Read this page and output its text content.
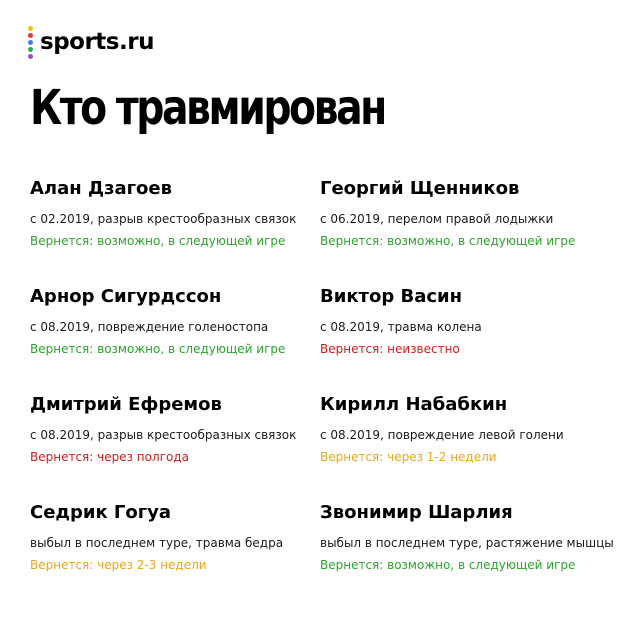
sports.ru
Кто травмирован
Алан Дзагоев
с 02.2019, разрыв крестообразных связок
Вернется: возможно, в следующей игре
Георгий Щенников
с 06.2019, перелом правой лодыжки
Вернется: возможно, в следующей игре
Арнор Сигурдссон
с 08.2019, повреждение голеностопа
Вернется: возможно, в следующей игре
Виктор Васин
с 08.2019, травма колена
Вернется: неизвестно
Дмитрий Ефремов
с 08.2019, разрыв крестообразных связок
Вернется: через полгода
Кирилл Набабкин
с 08.2019, повреждение левой голени
Вернется: через 1-2 недели
Седрик Гогуа
выбыл в последнем туре, травма бедра
Вернется: через 2-3 недели
Звонимир Шарлия
выбыл в последнем туре, растяжение мышцы
Вернется: возможно, в следующей игре
